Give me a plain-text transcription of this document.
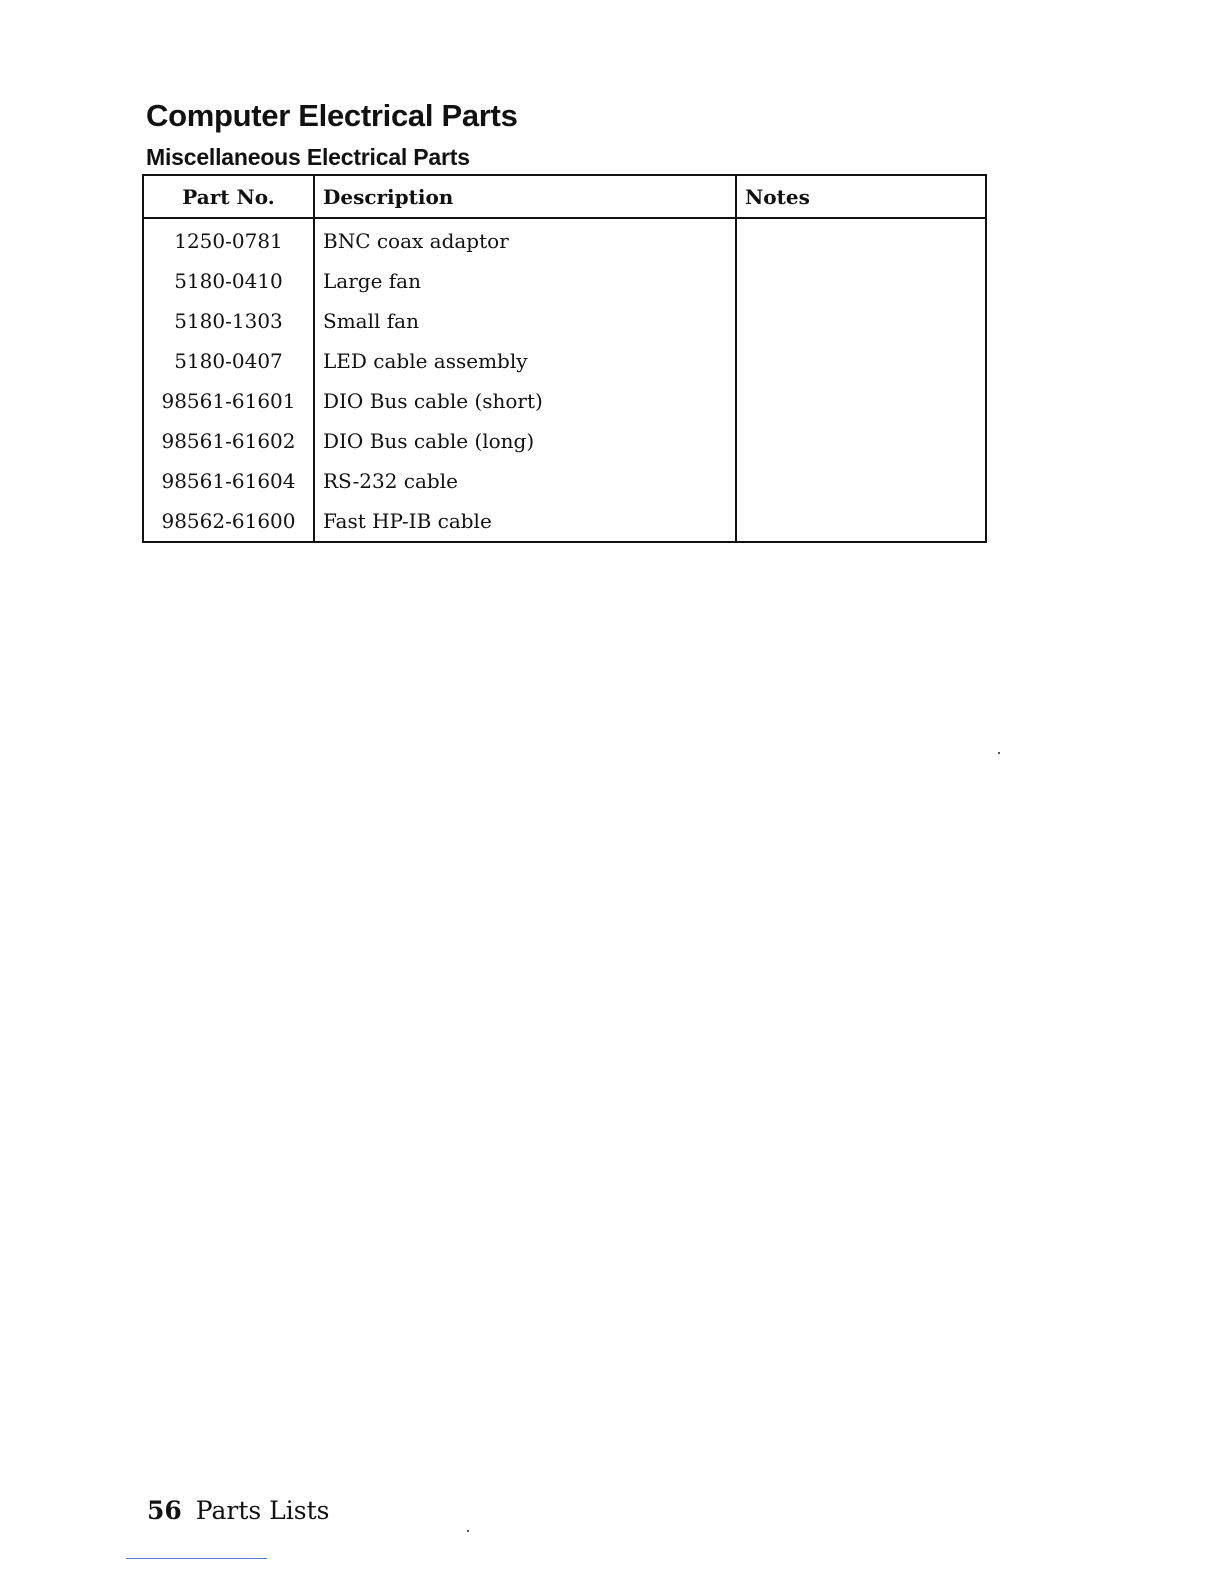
Computer Electrical Parts
Miscellaneous Electrical Parts
Part No.	Description	Notes
1250-0781	BNC coax adaptor	
5180-0410	Large fan	
5180-1303	Small fan	
5180-0407	LED cable assembly	
98561-61601	DIO Bus cable (short)	
98561-61602	DIO Bus cable (long)	
98561-61604	RS-232 cable	
98562-61600	Fast HP-IB cable	
56 Parts Lists
